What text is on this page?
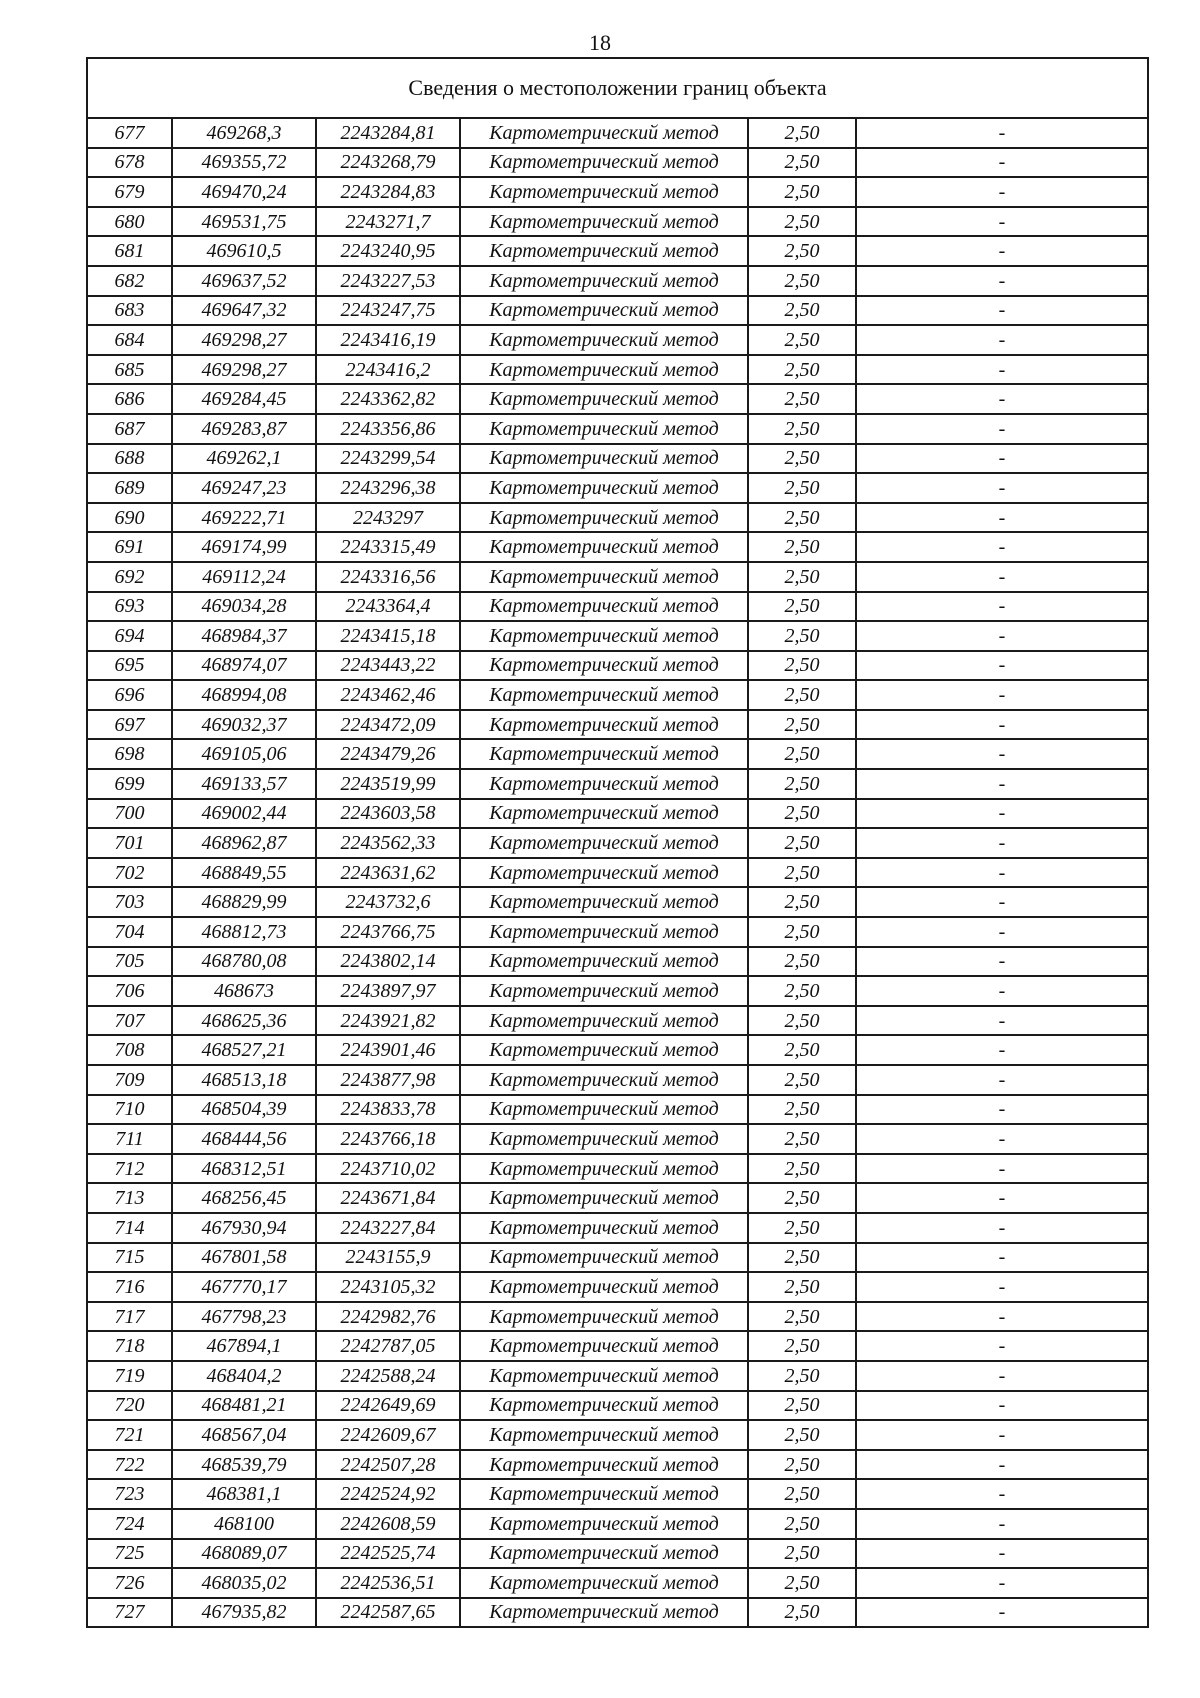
18
Сведения о местоположении границ объекта					
677	469268,3	2243284,81	Картометрический метод	2,50	-
678	469355,72	2243268,79	Картометрический метод	2,50	-
679	469470,24	2243284,83	Картометрический метод	2,50	-
680	469531,75	2243271,7	Картометрический метод	2,50	-
681	469610,5	2243240,95	Картометрический метод	2,50	-
682	469637,52	2243227,53	Картометрический метод	2,50	-
683	469647,32	2243247,75	Картометрический метод	2,50	-
684	469298,27	2243416,19	Картометрический метод	2,50	-
685	469298,27	2243416,2	Картометрический метод	2,50	-
686	469284,45	2243362,82	Картометрический метод	2,50	-
687	469283,87	2243356,86	Картометрический метод	2,50	-
688	469262,1	2243299,54	Картометрический метод	2,50	-
689	469247,23	2243296,38	Картометрический метод	2,50	-
690	469222,71	2243297	Картометрический метод	2,50	-
691	469174,99	2243315,49	Картометрический метод	2,50	-
692	469112,24	2243316,56	Картометрический метод	2,50	-
693	469034,28	2243364,4	Картометрический метод	2,50	-
694	468984,37	2243415,18	Картометрический метод	2,50	-
695	468974,07	2243443,22	Картометрический метод	2,50	-
696	468994,08	2243462,46	Картометрический метод	2,50	-
697	469032,37	2243472,09	Картометрический метод	2,50	-
698	469105,06	2243479,26	Картометрический метод	2,50	-
699	469133,57	2243519,99	Картометрический метод	2,50	-
700	469002,44	2243603,58	Картометрический метод	2,50	-
701	468962,87	2243562,33	Картометрический метод	2,50	-
702	468849,55	2243631,62	Картометрический метод	2,50	-
703	468829,99	2243732,6	Картометрический метод	2,50	-
704	468812,73	2243766,75	Картометрический метод	2,50	-
705	468780,08	2243802,14	Картометрический метод	2,50	-
706	468673	2243897,97	Картометрический метод	2,50	-
707	468625,36	2243921,82	Картометрический метод	2,50	-
708	468527,21	2243901,46	Картометрический метод	2,50	-
709	468513,18	2243877,98	Картометрический метод	2,50	-
710	468504,39	2243833,78	Картометрический метод	2,50	-
711	468444,56	2243766,18	Картометрический метод	2,50	-
712	468312,51	2243710,02	Картометрический метод	2,50	-
713	468256,45	2243671,84	Картометрический метод	2,50	-
714	467930,94	2243227,84	Картометрический метод	2,50	-
715	467801,58	2243155,9	Картометрический метод	2,50	-
716	467770,17	2243105,32	Картометрический метод	2,50	-
717	467798,23	2242982,76	Картометрический метод	2,50	-
718	467894,1	2242787,05	Картометрический метод	2,50	-
719	468404,2	2242588,24	Картометрический метод	2,50	-
720	468481,21	2242649,69	Картометрический метод	2,50	-
721	468567,04	2242609,67	Картометрический метод	2,50	-
722	468539,79	2242507,28	Картометрический метод	2,50	-
723	468381,1	2242524,92	Картометрический метод	2,50	-
724	468100	2242608,59	Картометрический метод	2,50	-
725	468089,07	2242525,74	Картометрический метод	2,50	-
726	468035,02	2242536,51	Картометрический метод	2,50	-
727	467935,82	2242587,65	Картометрический метод	2,50	-
